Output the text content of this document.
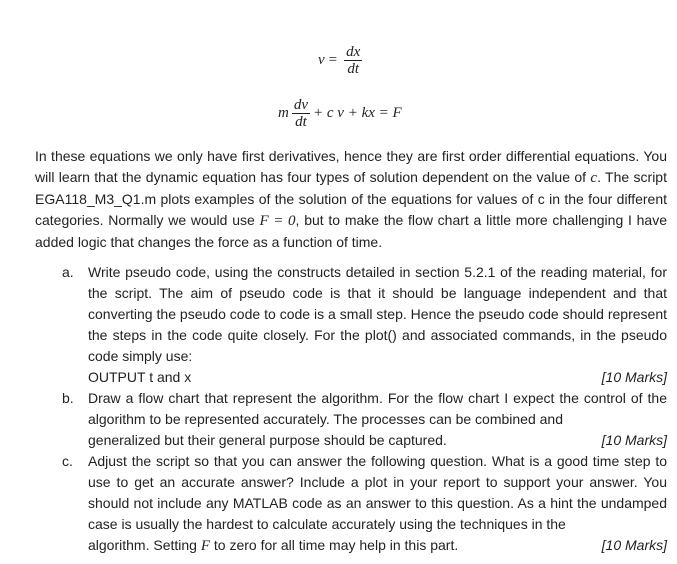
$v = \frac{dx}{dt}$
m $\frac{dv}{dt} + c$ v + kx = F
In these equations we only have first derivatives, hence they are first order differential equations. You will learn that the dynamic equation has four types of solution dependent on the value of c. The script EGA118_M3_Q1.m plots examples of the solution of the equations for values of c in the four different categories. Normally we would use F = 0, but to make the flow chart a little more challenging I have added logic that changes the force as a function of time.
a.	Write pseudo code, using the constructs detailed in section 5.2.1 of the reading material, for the script. The aim of pseudo code is that it should be language independent and that converting the pseudo code to code is a small step. Hence the pseudo code should represent the steps in the code quite closely. For the plot() and associated commands, in the pseudo code simply use:
OUTPUT t and x	[10 Marks]
b.	Draw a flow chart that represent the algorithm. For the flow chart I expect the control of the algorithm to be represented accurately. The processes can be combined and
generalized but their general purpose should be captured.	[10 Marks]
c.	Adjust the script so that you can answer the following question. What is a good time step to use to get an accurate answer? Include a plot in your report to support your answer. You should not include any MATLAB code as an answer to this question. As a hint the undamped case is usually the hardest to calculate accurately using the techniques in the
algorithm. Setting F to zero for all time may help in this part.	[10 Marks]
